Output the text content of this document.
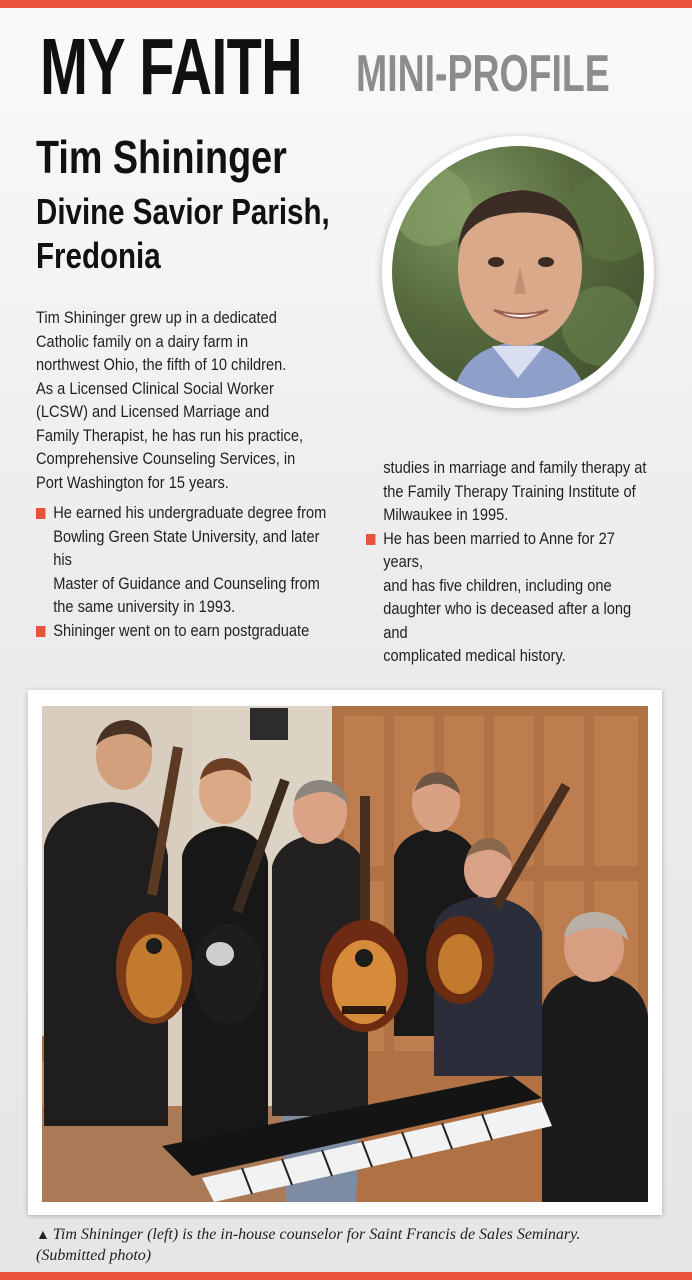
MY FAITH	MINI-PROFILE
Tim Shininger
Divine Savior Parish,
Fredonia
Tim Shininger grew up in a dedicated
Catholic family on a dairy farm in
northwest Ohio, the fifth of 10 children.
As a Licensed Clinical Social Worker
(LCSW) and Licensed Marriage and
Family Therapist, he has run his practice,
Comprehensive Counseling Services, in
Port Washington for 15 years.
He earned his undergraduate degree from
Bowling Green State University, and later his
Master of Guidance and Counseling from
the same university in 1993.
Shininger went on to earn postgraduate
studies in marriage and family therapy at
the Family Therapy Training Institute of
Milwaukee in 1995.
He has been married to Anne for 27 years,
and has five children, including one
daughter who is deceased after a long and
complicated medical history.
▲ Tim Shininger (left) is the in-house counselor for Saint Francis de Sales Seminary.
(Submitted photo)
